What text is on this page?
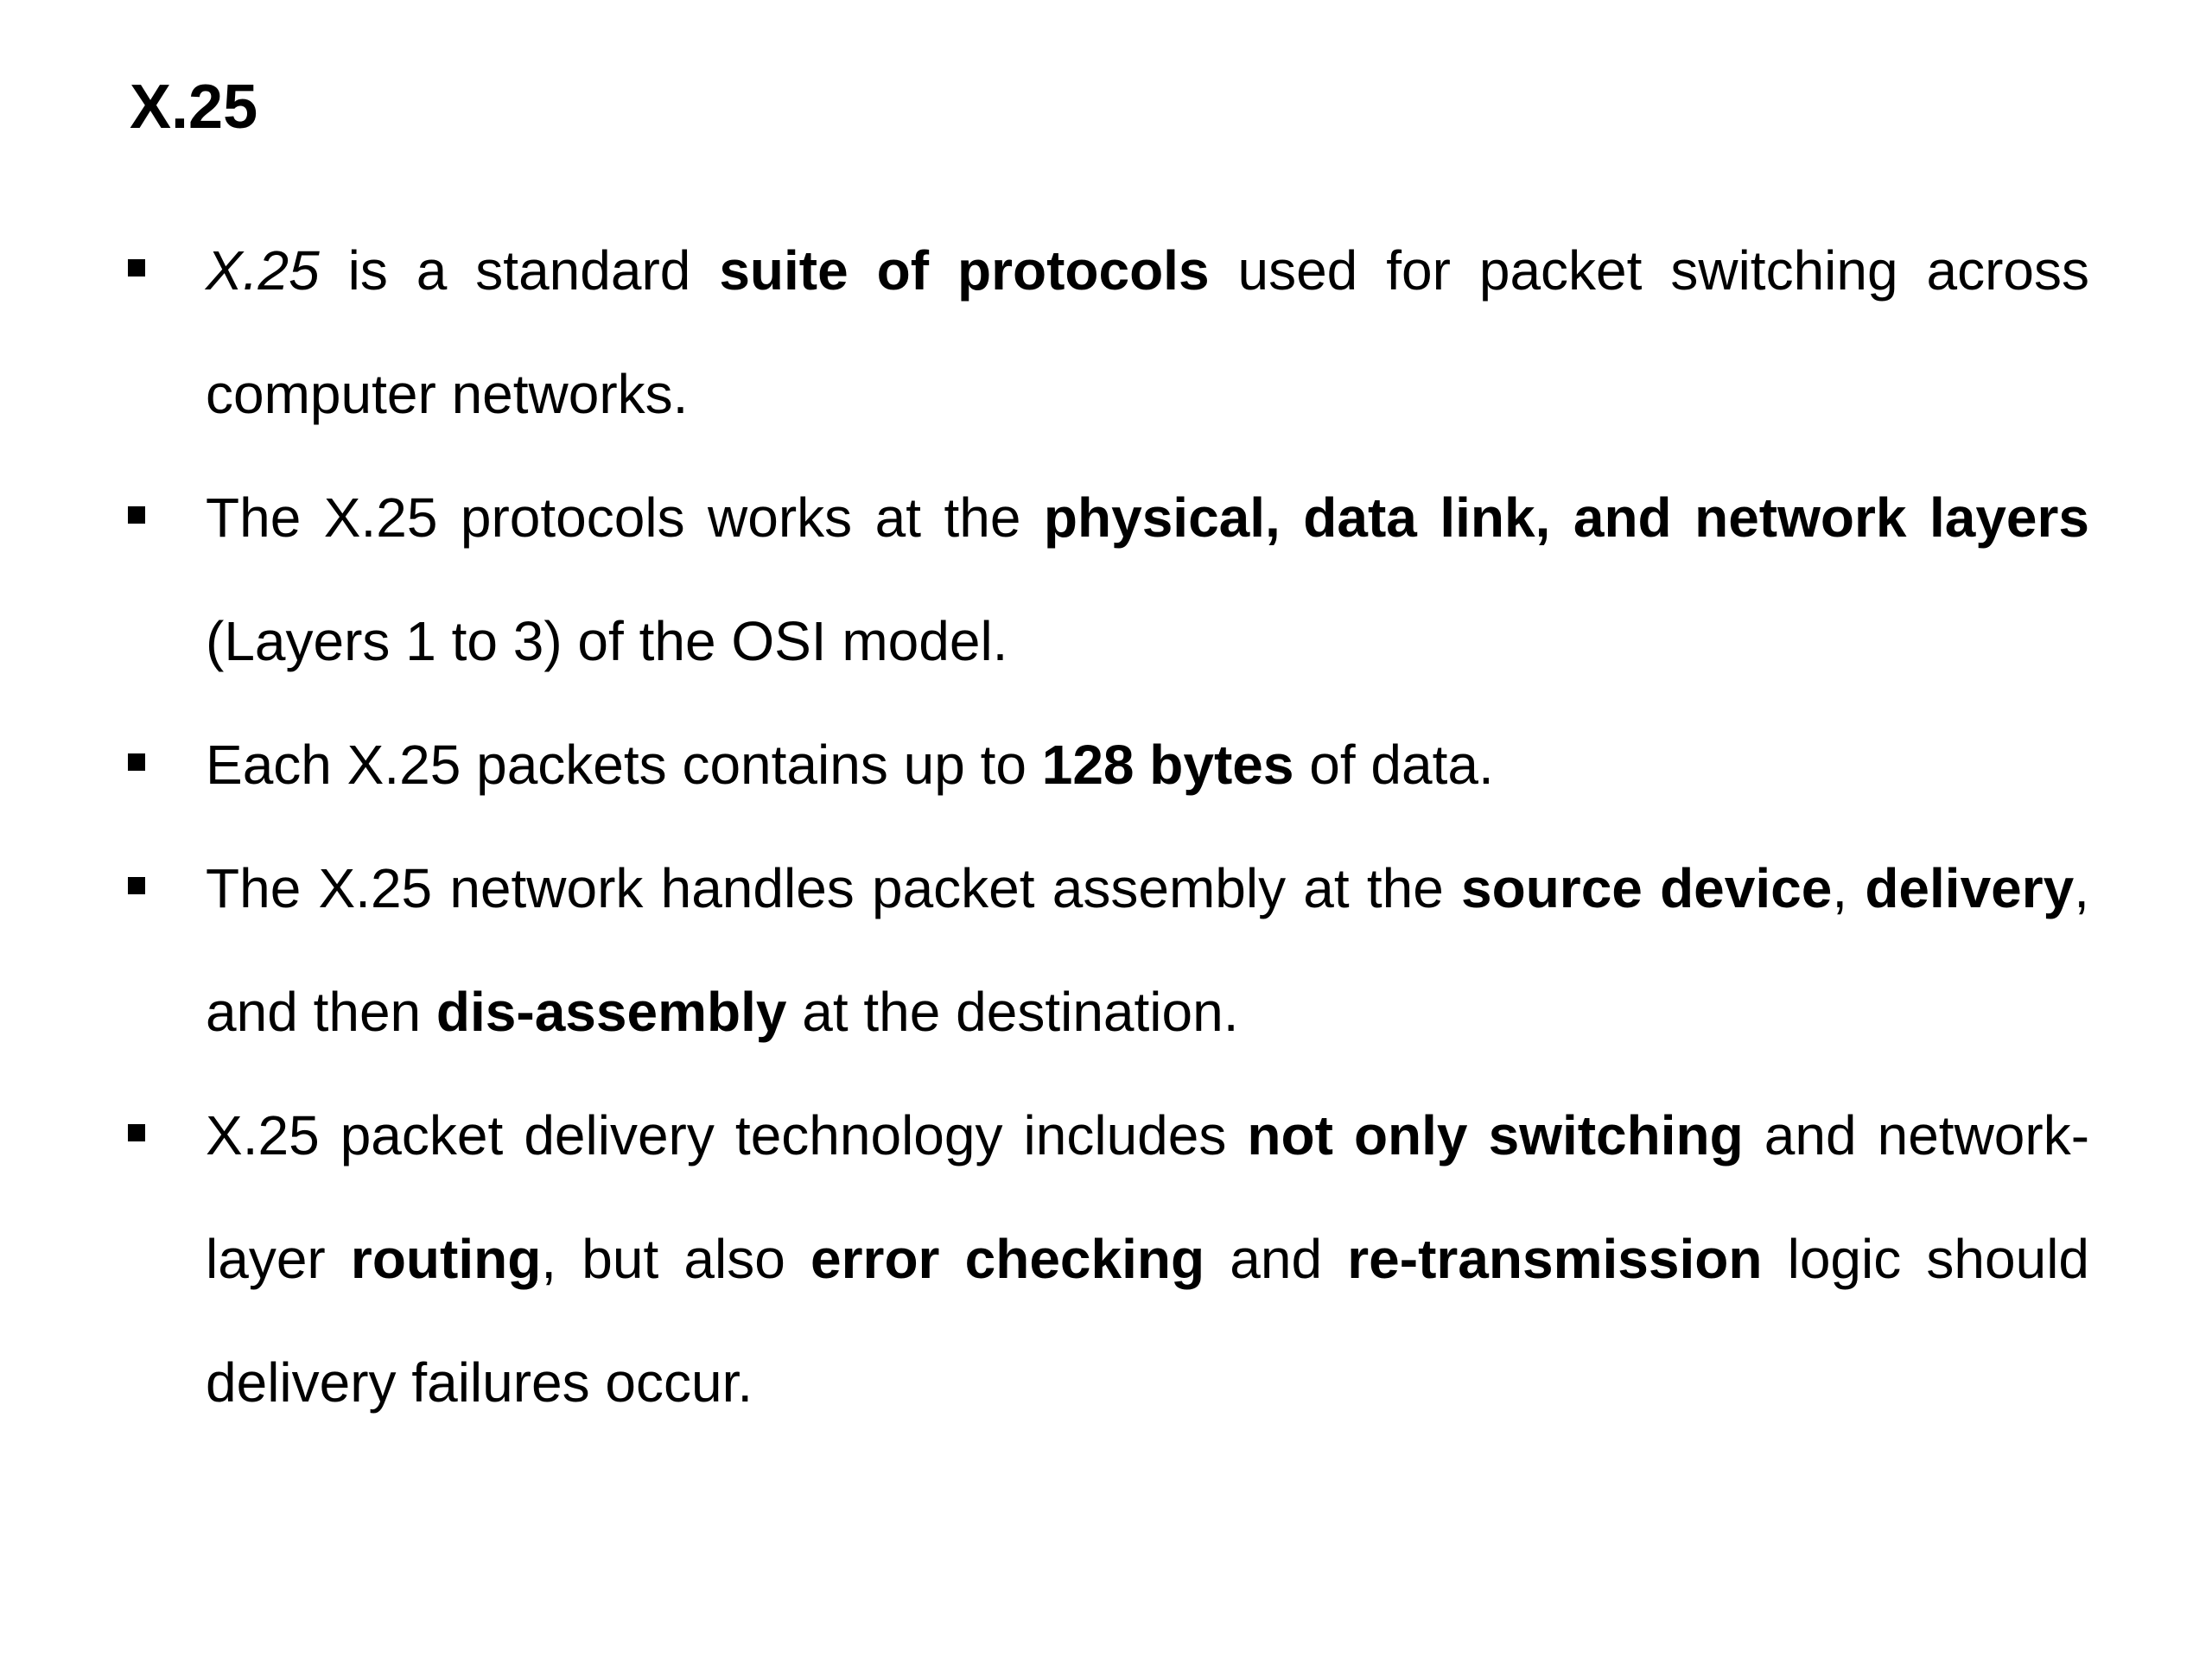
X.25
X.25 is a standard suite of protocols used for packet switching across computer networks.
The X.25 protocols works at the physical, data link, and network layers (Layers 1 to 3) of the OSI model.
Each X.25 packets contains up to 128 bytes of data.
The X.25 network handles packet assembly at the source device, delivery, and then dis-assembly at the destination.
X.25 packet delivery technology includes not only switching and network-layer routing, but also error checking and re-transmission logic should delivery failures occur.
